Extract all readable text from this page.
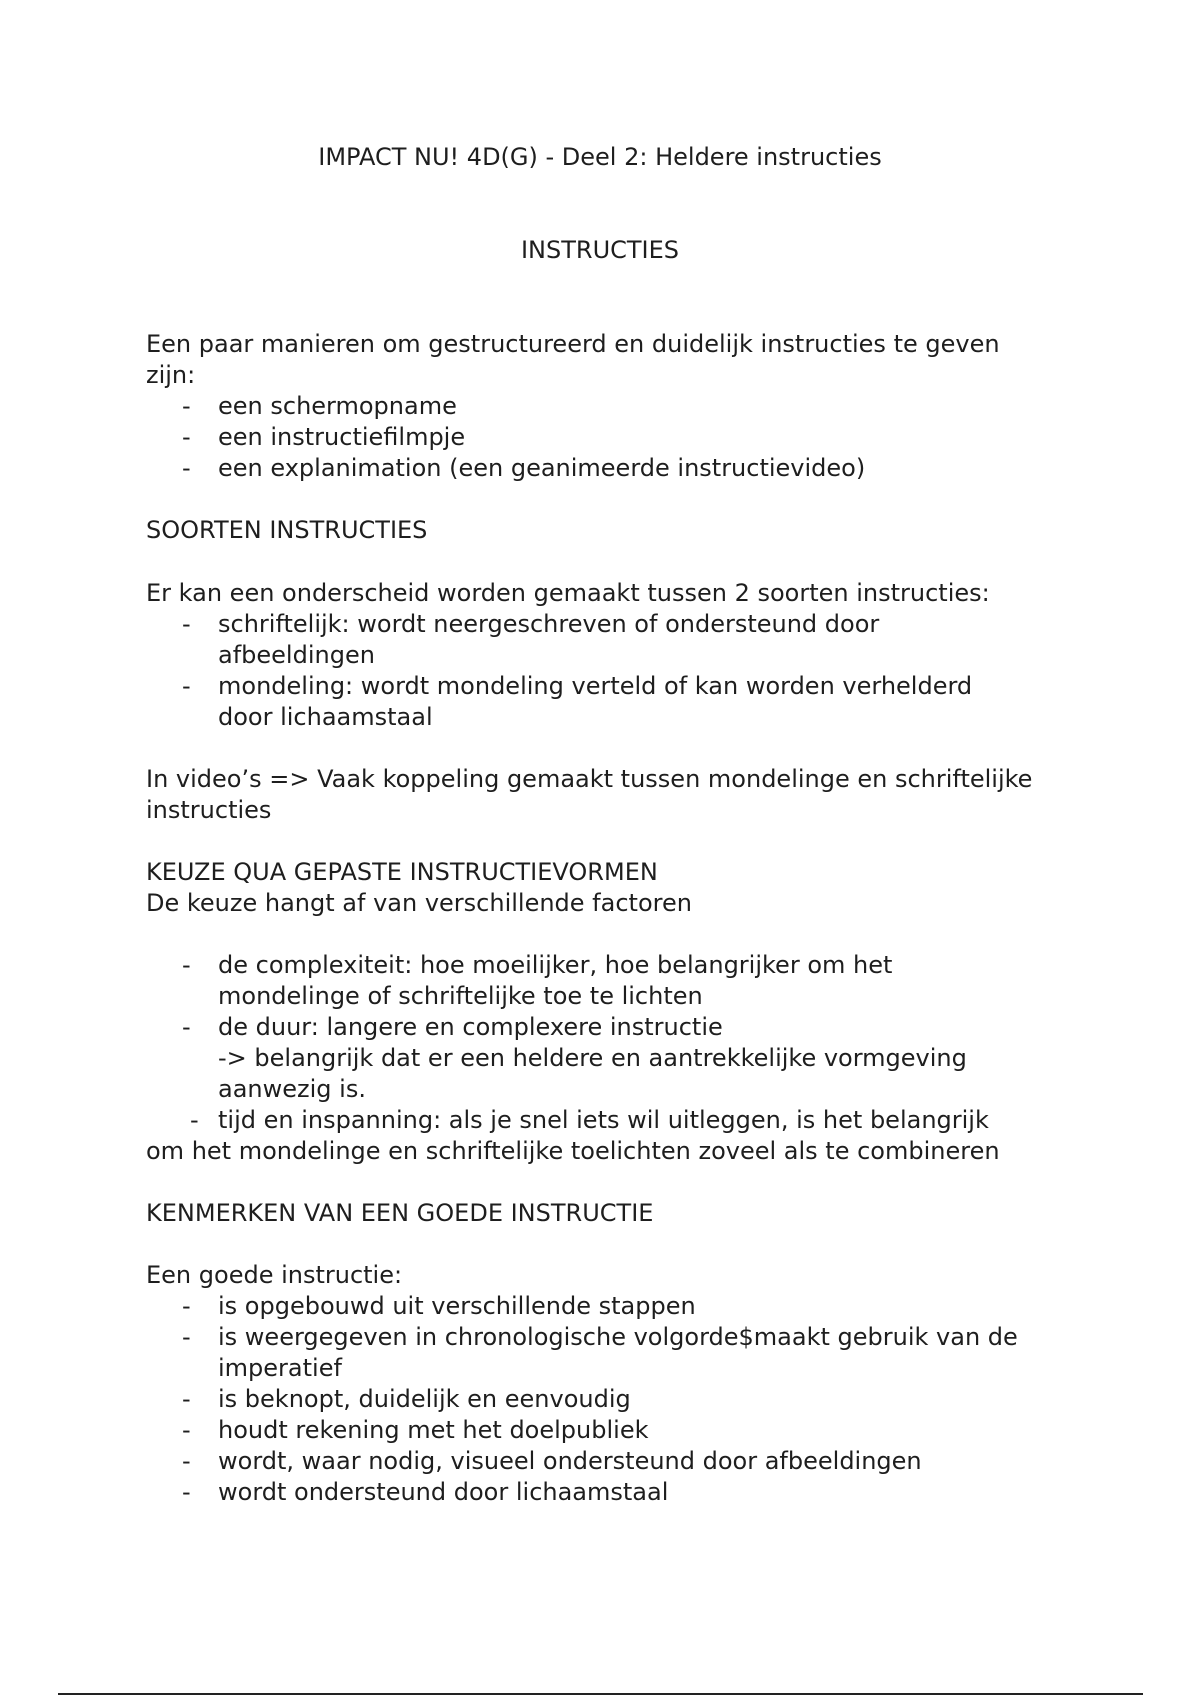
IMPACT NU! 4D(G) - Deel 2: Heldere instructies
INSTRUCTIES
Een paar manieren om gestructureerd en duidelijk instructies te geven
zijn:
- een schermopname
- een instructiefilmpje
- een explanimation (een geanimeerde instructievideo)
SOORTEN INSTRUCTIES
Er kan een onderscheid worden gemaakt tussen 2 soorten instructies:
- schriftelijk: wordt neergeschreven of ondersteund door
afbeeldingen
- mondeling: wordt mondeling verteld of kan worden verhelderd
door lichaamstaal
In video’s => Vaak koppeling gemaakt tussen mondelinge en schriftelijke
instructies
KEUZE QUA GEPASTE INSTRUCTIEVORMEN
De keuze hangt af van verschillende factoren
- de complexiteit: hoe moeilijker, hoe belangrijker om het
mondelinge of schriftelijke toe te lichten
- de duur: langere en complexere instructie
-> belangrijk dat er een heldere en aantrekkelijke vormgeving
aanwezig is.
- tijd en inspanning: als je snel iets wil uitleggen, is het belangrijk
om het mondelinge en schriftelijke toelichten zoveel als te combineren
KENMERKEN VAN EEN GOEDE INSTRUCTIE
Een goede instructie:
- is opgebouwd uit verschillende stappen
- is weergegeven in chronologische volgorde$maakt gebruik van de
imperatief
- is beknopt, duidelijk en eenvoudig
- houdt rekening met het doelpubliek
- wordt, waar nodig, visueel ondersteund door afbeeldingen
- wordt ondersteund door lichaamstaal
